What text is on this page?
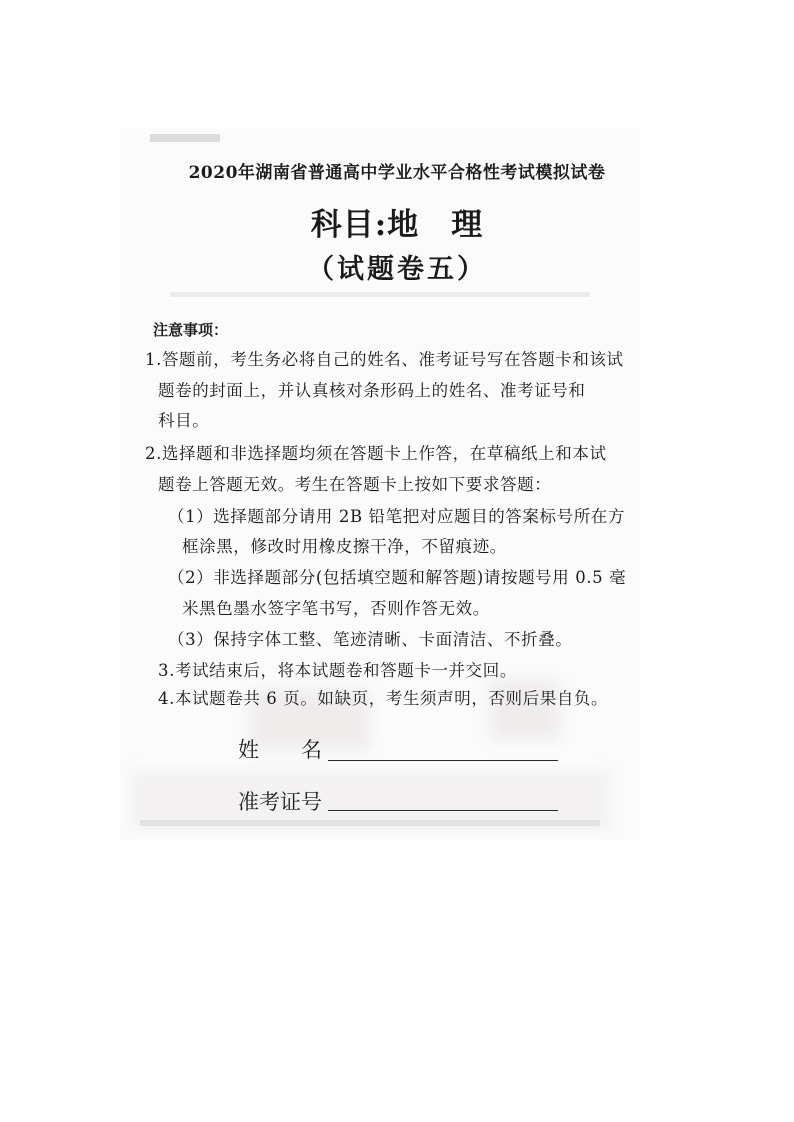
2020年湖南省普通高中学业水平合格性考试模拟试卷
科目:地　理
（试题卷五）
注意事项：
1.答题前，考生务必将自己的姓名、准考证号写在答题卡和该试
题卷的封面上，并认真核对条形码上的姓名、准考证号和
科目。
2.选择题和非选择题均须在答题卡上作答，在草稿纸上和本试
题卷上答题无效。考生在答题卡上按如下要求答题：
（1）选择题部分请用 2B 铅笔把对应题目的答案标号所在方
框涂黑，修改时用橡皮擦干净，不留痕迹。
（2）非选择题部分(包括填空题和解答题)请按题号用 0.5 毫
米黑色墨水签字笔书写，否则作答无效。
（3）保持字体工整、笔迹清晰、卡面清洁、不折叠。
3.考试结束后，将本试题卷和答题卡一并交回。
4.本试题卷共 6 页。如缺页，考生须声明，否则后果自负。
姓　　名
准考证号
